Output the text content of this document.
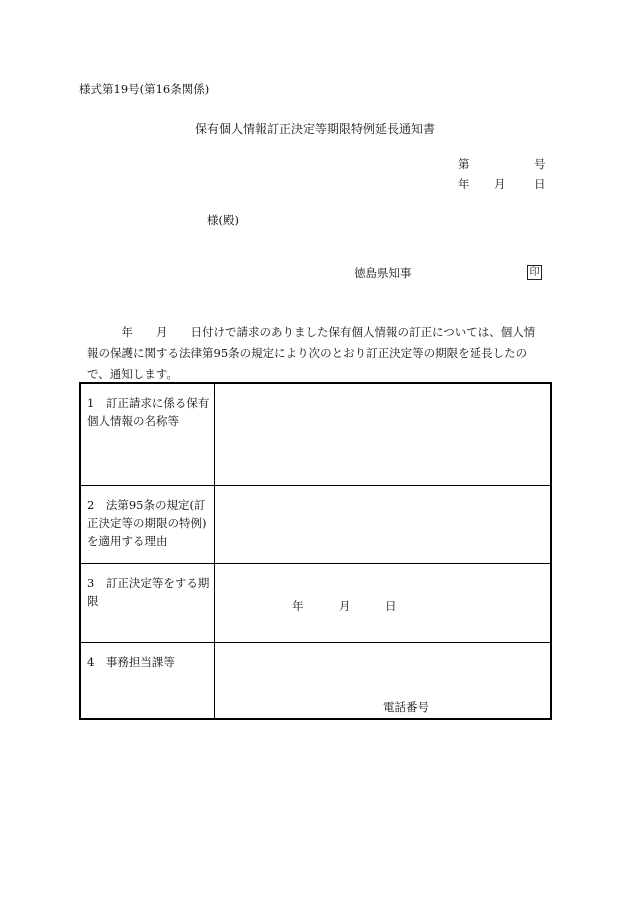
様式第19号(第16条関係)
保有個人情報訂正決定等期限特例延長通知書
第	号
年 月 日
様(殿)
徳島県知事	印

　　　年　　月　　日付けで請求のありました保有個人情報の訂正については、個人情

報の保護に関する法律第95条の規定により次のとおり訂正決定等の期限を延長したの

で、通知します。

1　訂正請求に係る保有個人情報の名称等
2　法第95条の規定(訂正決定等の期限の特例)を適用する理由
3　訂正決定等をする期限	年	月	日
4　事務担当課等
電話番号
